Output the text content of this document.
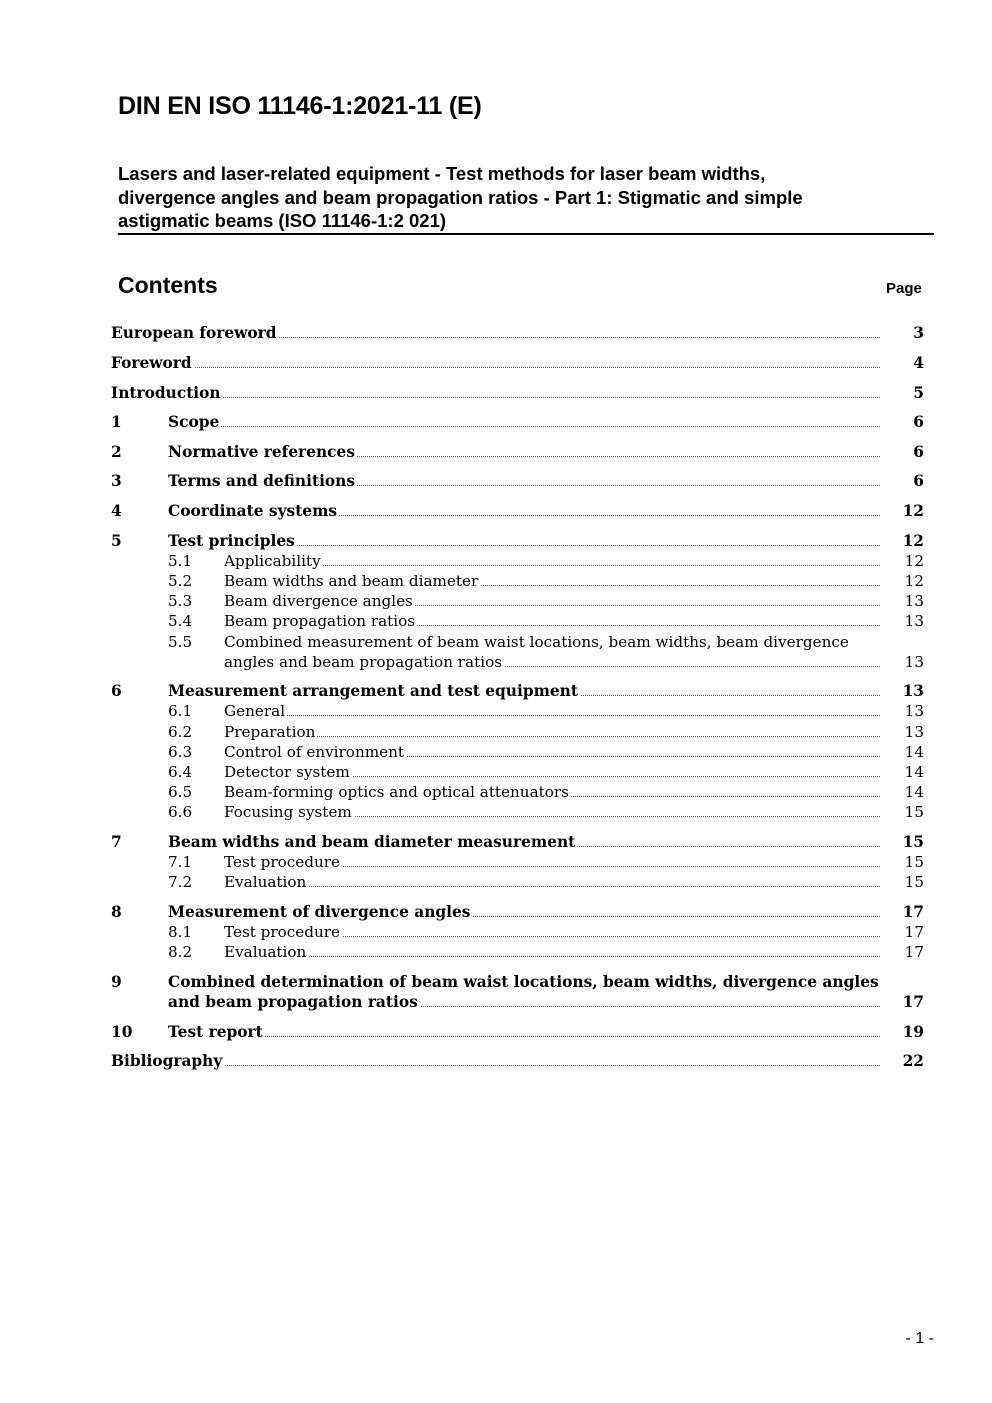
DIN EN ISO 11146-1:2021-11 (E)
Lasers and laser-related equipment - Test methods for laser beam widths,
divergence angles and beam propagation ratios - Part 1: Stigmatic and simple
astigmatic beams (ISO 11146-1:2 021)
Contents	Page
European foreword	3
Foreword	4
Introduction	5
1	Scope	6
2	Normative references	6
3	Terms and definitions	6
4	Coordinate systems	12
5	Test principles	12
5.1 Applicability	12
5.2 Beam widths and beam diameter	12
5.3 Beam divergence angles	13
5.4 Beam propagation ratios	13
5.5 Combined measurement of beam waist locations, beam widths, beam divergence
angles and beam propagation ratios	13
6	Measurement arrangement and test equipment	13
6.1 General	13
6.2 Preparation	13
6.3 Control of environment	14
6.4 Detector system	14
6.5 Beam-forming optics and optical attenuators	14
6.6 Focusing system	15
7	Beam widths and beam diameter measurement	15
7.1 Test procedure	15
7.2 Evaluation	15
8	Measurement of divergence angles	17
8.1 Test procedure	17
8.2 Evaluation	17
9	Combined determination of beam waist locations, beam widths, divergence angles
and beam propagation ratios	17
10 Test report	19
Bibliography	22
- 1 -
